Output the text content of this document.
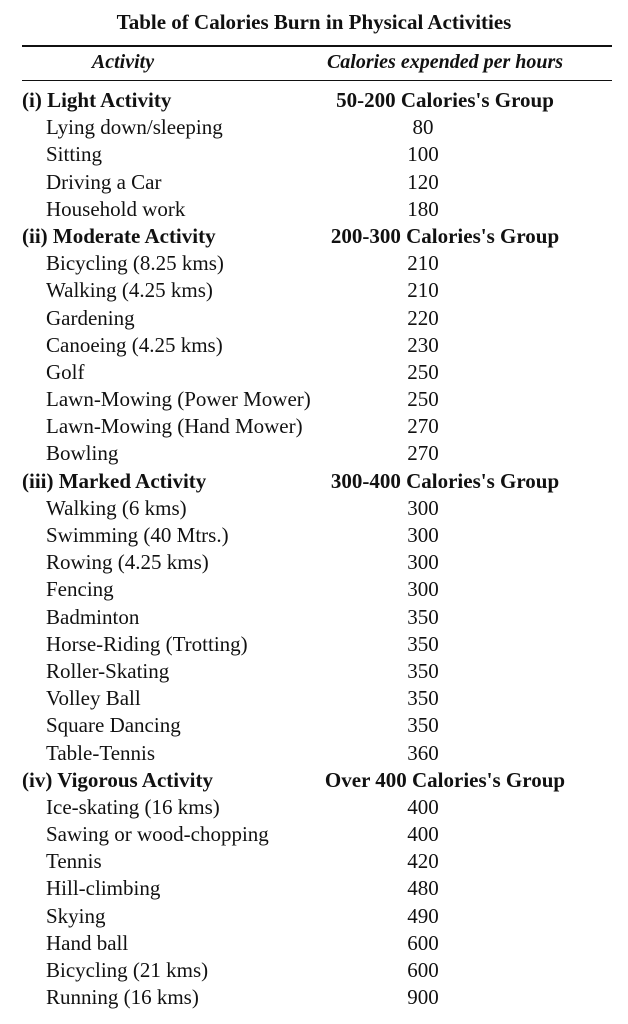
Table of Calories Burn in Physical Activities
Activity	Calories expended per hours
(i) Light Activity	50-200 Calories's Group
Lying down/sleeping	80
Sitting	100
Driving a Car	120
Household work	180
(ii) Moderate Activity	200-300 Calories's Group
Bicycling (8.25 kms)	210
Walking (4.25 kms)	210
Gardening	220
Canoeing (4.25 kms)	230
Golf	250
Lawn-Mowing (Power Mower)	250
Lawn-Mowing (Hand Mower)	270
Bowling	270
(iii) Marked Activity	300-400 Calories's Group
Walking (6 kms)	300
Swimming (40 Mtrs.)	300
Rowing (4.25 kms)	300
Fencing	300
Badminton	350
Horse-Riding (Trotting)	350
Roller-Skating	350
Volley Ball	350
Square Dancing	350
Table-Tennis	360
(iv) Vigorous Activity	Over 400 Calories's Group
Ice-skating (16 kms)	400
Sawing or wood-chopping	400
Tennis	420
Hill-climbing	480
Skying	490
Hand ball	600
Bicycling (21 kms)	600
Running (16 kms)	900
